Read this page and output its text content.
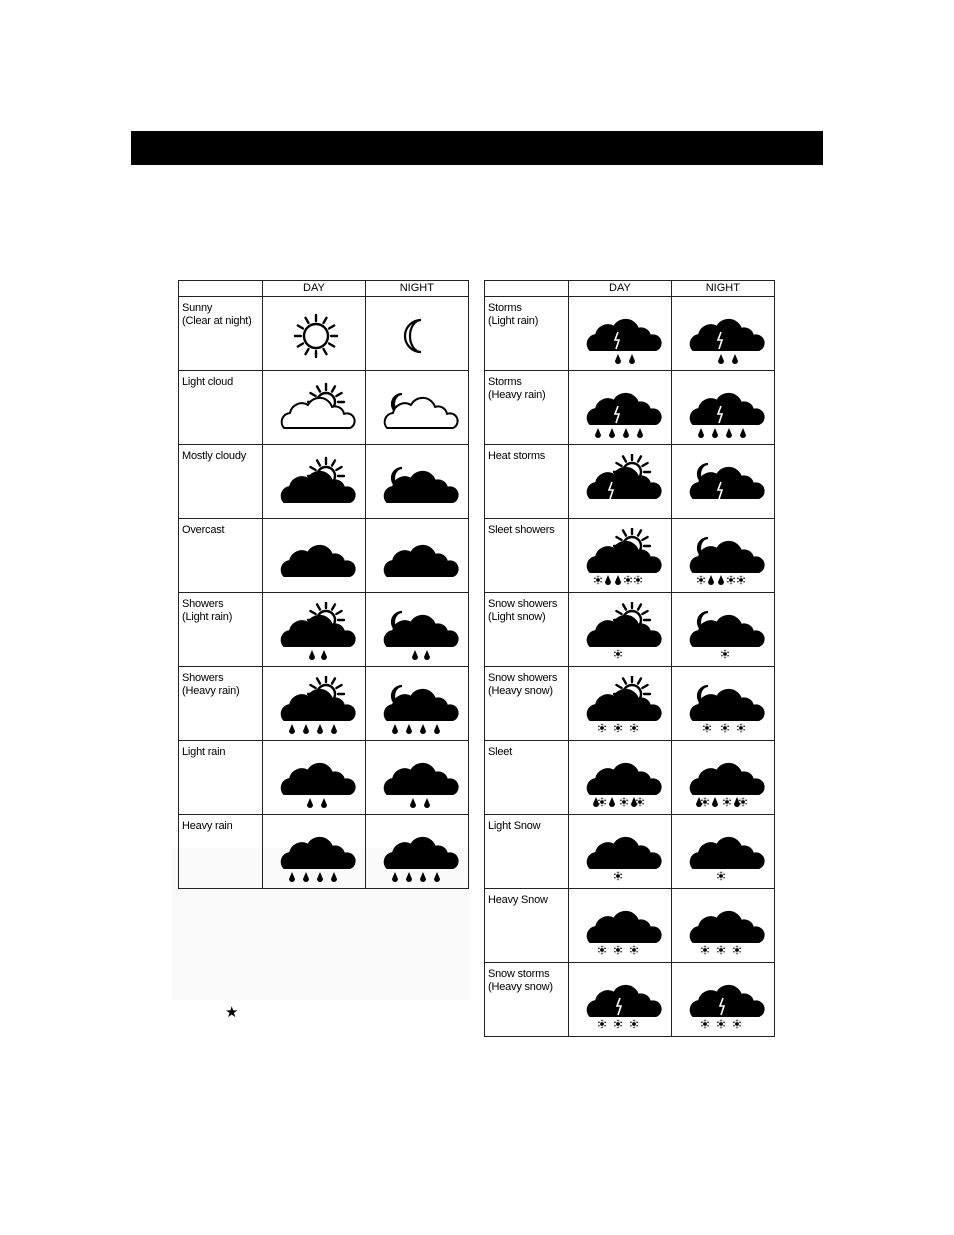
	DAY	NIGHT

Sunny
(Clear at night)

Light cloud

Mostly cloudy

Overcast

Showers
(Light rain)

Showers
(Heavy rain)

Light rain

Heavy rain

	DAY	NIGHT

Storms
(Light rain)

Storms
(Heavy rain)

Heat storms

Sleet showers

Snow showers
(Light snow)

Snow showers
(Heavy snow)

Sleet

Light Snow

Heavy Snow

Snow storms
(Heavy snow)

★
